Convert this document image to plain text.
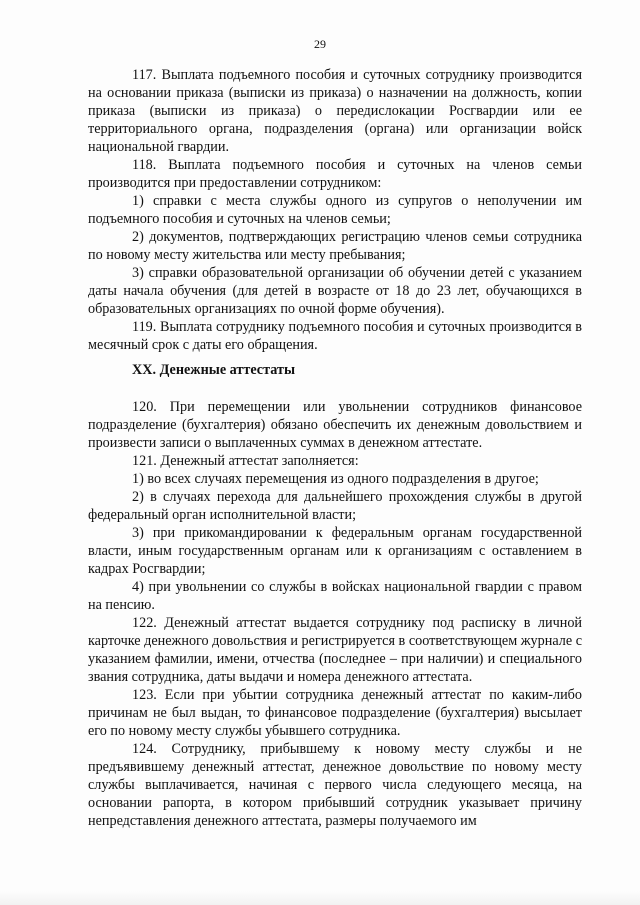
29

117. Выплата подъемного пособия и суточных сотруднику производится на основании приказа (выписки из приказа) о назначении на должность, копии приказа (выписки из приказа) о передислокации Росгвардии или ее территориального органа, подразделения (органа) или организации войск национальной гвардии.

118. Выплата подъемного пособия и суточных на членов семьи производится при предоставлении сотрудником:

1) справки с места службы одного из супругов о неполучении им подъемного пособия и суточных на членов семьи;

2) документов, подтверждающих регистрацию членов семьи сотрудника по новому месту жительства или месту пребывания;

3) справки образовательной организации об обучении детей с указанием даты начала обучения (для детей в возрасте от 18 до 23 лет, обучающихся в образовательных организациях по очной форме обучения).

119. Выплата сотруднику подъемного пособия и суточных производится в месячный срок с даты его обращения.

XX. Денежные аттестаты

120. При перемещении или увольнении сотрудников финансовое подразделение (бухгалтерия) обязано обеспечить их денежным довольствием и произвести записи о выплаченных суммах в денежном аттестате.

121. Денежный аттестат заполняется:

1) во всех случаях перемещения из одного подразделения в другое;

2) в случаях перехода для дальнейшего прохождения службы в другой федеральный орган исполнительной власти;

3) при прикомандировании к федеральным органам государственной власти, иным государственным органам или к организациям с оставлением в кадрах Росгвардии;

4) при увольнении со службы в войсках национальной гвардии с правом на пенсию.

122. Денежный аттестат выдается сотруднику под расписку в личной карточке денежного довольствия и регистрируется в соответствующем журнале с указанием фамилии, имени, отчества (последнее – при наличии) и специального звания сотрудника, даты выдачи и номера денежного аттестата.

123. Если при убытии сотрудника денежный аттестат по каким-либо причинам не был выдан, то финансовое подразделение (бухгалтерия) высылает его по новому месту службы убывшего сотрудника.

124. Сотруднику, прибывшему к новому месту службы и не предъявившему денежный аттестат, денежное довольствие по новому месту службы выплачивается, начиная с первого числа следующего месяца, на основании рапорта, в котором прибывший сотрудник указывает причину непредставления денежного аттестата, размеры получаемого им
